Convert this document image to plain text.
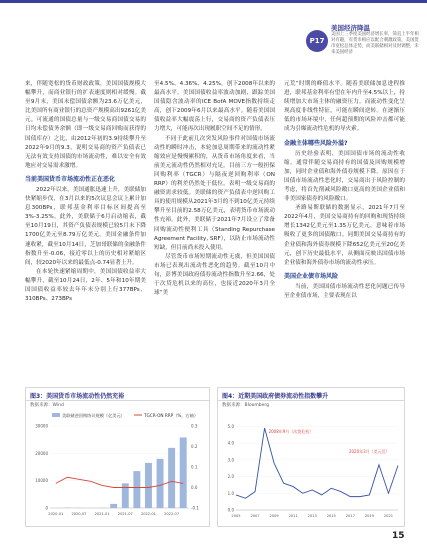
P17
美国经济降温
美国上三季度美国经济增长率，简直上半年相对有趣，有货币相应以配合刺激政策，美国货币宽松总体走势，而美联储相对及时调整，未来美国经济

来，伴随宽松的货币财政政策，美国国债规模大幅攀升，而商业银行的扩表速度则相对缓慢。截至9月末，美国未偿国债余额为23.6万亿美元，比美国所有商业银行的总资产规模高出9261亿美元。可流通的国债总量与一级交易商国债交易的日均未偿债务余额（即一级交易商回购而获得的国债库存）之比，由2012年初的3.9持续攀升至2022年9月的9.3，说明交易商的资产负债表已无法有效支持国债的市场流动性，难以安全有效地应对交易需求激增。

当前美国货币市场流动性正在恶化

2022年以来，美国通胀迅速上升，美联储加快紧缩步伐，在3月以来的5次议息会议上累计加息300BPs，联邦基金利率目标区间提高至3%-3.25%。此外，美联储于6月启动缩表，截至10月19日，其资产负债表规模已较5月末下降1700亿美元至8.79万亿美元。美国金融条件加速收紧，截至10月14日，芝加哥联储的金融条件指数升至-0.06，接近零以上的历史相对紧缩区间，较2020年以来的最低点-0.74显著上升。

在本轮快速紧缩周期中，美国国债收益率大幅攀升，截至10月24日，2年、5年和10年期美国国债收益率较去年年末分别上行377BPs、310BPs、273BPs

至4.5%、4.36%、4.25%，创下2008年以来的最高水平。美国国债收益率波动加剧，跟踪美国国债隐含波动率的ICE BofA MOVE指数持续走高，创下2009年6月以来最高水平。随着美国国债收益率大幅震荡上行，交易商的资产负债表压力增大，可能再次出现履职空间不足的情形。

不同于此前几次突发风险事件对国债市场流动性的瞬时冲击，本轮加息周期带来的流动性紧缩效应是慢慢累积的，从货币市场角度来看，当前美元流动性仍然相对充足。目前三方一般担保回购利率（TGCR）与隔夜逆回购利率（ON RRP）的利差仍然处于低位，表明一级交易商的融资需求较低。美联储的资产负债表中逆回购工具的使用规模从2021年3月的不到10亿美元持续攀升至目前的2.58万亿美元，表明货币市场流动性充裕。此外，美联储于2021年7月设立了常备回购流动性便利工具（Standing Repurchase Agreement Facility, SRF），以防止市场流动性短缺，但目前尚未投入使用。

尽管货币市场短期流动性无虞，但美国国债市场已表现出流动性恶化的趋势。截至10月中旬，彭博美国政府债券流动性指数升至2.66，处于次贷危机以来的高位，也接近2020年3月全球“美

元荒”时期的峰值水平。随着美联储加息进程推进，联邦基金利率有望在年内升至4.5%以上，持续增加大市场主体的融资压力。而流动性变化呈现高度非线性特征，可能在瞬间逆转。在逐渐压低的市场环境中，任何超预期的风险冲击都可能成为引爆流动性危机的导火索。

金融主体哪些风险外溢?

历史经验表明，美国国债市场的流动性收缩，通常伴随交易商持有的国债及回购规模增加，同时企业债和海外债券规模下降。原因在于国债市场流动性恶化时，交易商出于风险控制的考虑，将首先削减风险敞口更高的美国企业债和非美国家债券的风险敞口。

圣路易斯联储的数据显示，2021年7月至2022年4月，美国交易商持有的回购和现货持续增长1342亿美元至1.35万亿美元，意味着市场吸收了更多的国债敞口。同期美国交易商持有的企业债和海外债券规模下降652亿美元至20亿美元，创下历史最低水平，从侧面反映出国债市场企业债和海外债券市场的流动性承压。

美国企业债市场风险

当前，美国国债市场流动性恶化问题已传导至企业债市场，主要表现在以

图3：美国货币市场流动性仍然充裕
数据来源：Wind
美联储逆回购协议规模（亿美元）	TGCR-ON RRP（%，右轴）
0
10000
20000
30000
-0.1
0.0
0.1
0.2
0.3
2020-01 2020-07 2021-01 2021-07 2022-01 2022-07
图4：近期美国政府债券流动性指数攀升
数据来源：Bloomberg
0.0
1.0
2.0
3.0
4.0
5.0
2005	2007	2009	2011	2013	2015	2017	2019	2021
2008年9月（次贷危机）
2020年3月（美元荒）
15
